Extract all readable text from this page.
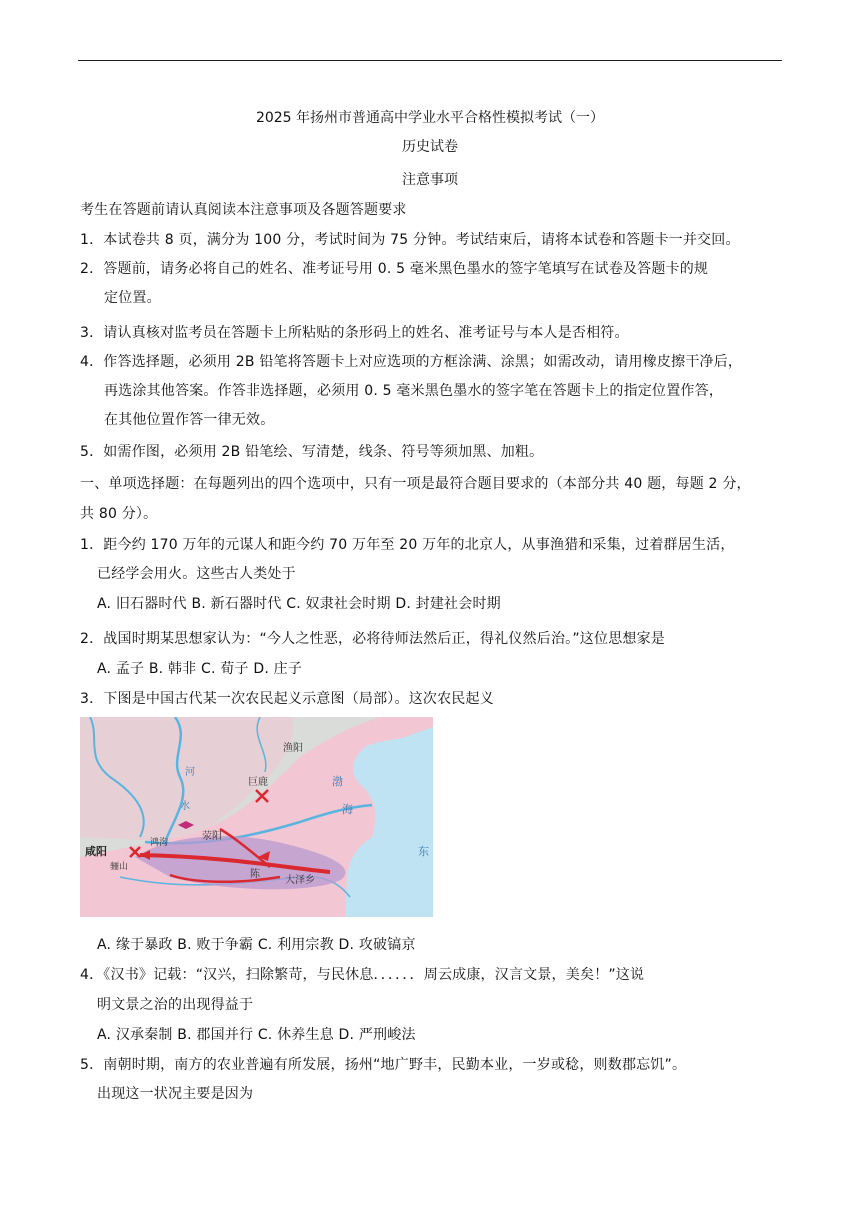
2025 年扬州市普通高中学业水平合格性模拟考试（一）
历史试卷
注意事项
考生在答题前请认真阅读本注意事项及各题答题要求
1．本试卷共 8 页，满分为 100 分，考试时间为 75 分钟。考试结束后，请将本试卷和答题卡一并交回。
2．答题前，请务必将自己的姓名、准考证号用 0. 5 毫米黑色墨水的签字笔填写在试卷及答题卡的规
定位置。
3．请认真核对监考员在答题卡上所粘贴的条形码上的姓名、准考证号与本人是否相符。
4．作答选择题，必须用 2B 铅笔将答题卡上对应选项的方框涂满、涂黑；如需改动，请用橡皮擦干净后，
再选涂其他答案。作答非选择题，必须用 0. 5 毫米黑色墨水的签字笔在答题卡上的指定位置作答，
在其他位置作答一律无效。
5．如需作图，必须用 2B 铅笔绘、写清楚，线条、符号等须加黑、加粗。
一、单项选择题：在每题列出的四个选项中，只有一项是最符合题目要求的（本部分共 40 题，每题 2 分，
共 80 分）。
1．距今约 170 万年的元谋人和距今约 70 万年至 20 万年的北京人，从事渔猎和采集，过着群居生活，
已经学会用火。这些古人类处于
A. 旧石器时代 B. 新石器时代 C. 奴隶社会时期 D. 封建社会时期
2．战国时期某思想家认为：“今人之性恶，必将待师法然后正，得礼仪然后治。”这位思想家是
A. 孟子 B. 韩非 C. 荀子 D. 庄子
3．下图是中国古代某一次农民起义示意图（局部）。这次农民起义
渔阳
巨鹿
咸阳
骊山
荥阳
鸿沟
陈
大泽乡
渤
海
河
水
东
A. 缘于暴政 B. 败于争霸 C. 利用宗教 D. 攻破镐京
4．《汉书》记载：“汉兴，扫除繁苛，与民休息．．．．．．周云成康，汉言文景，美矣！”这说
明文景之治的出现得益于
A. 汉承秦制 B. 郡国并行 C. 休养生息 D. 严刑峻法
5．南朝时期，南方的农业普遍有所发展，扬州“地广野丰，民勤本业，一岁或稔，则数郡忘饥”。
出现这一状况主要是因为
